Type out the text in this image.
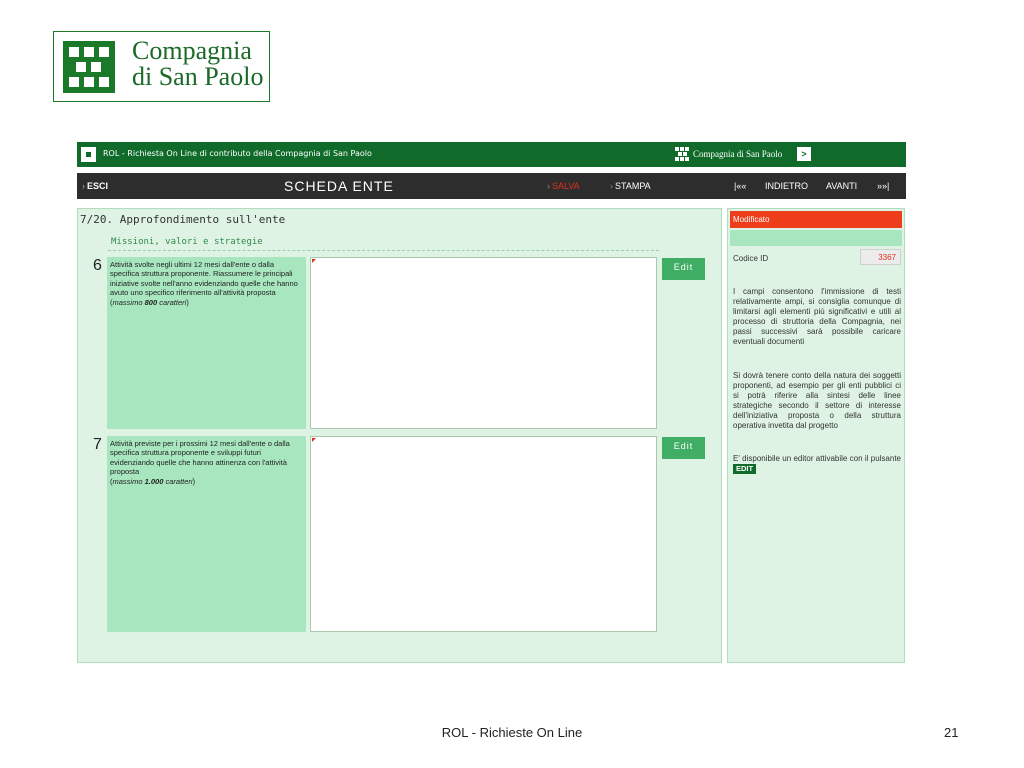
Compagnia
di San Paolo
ROL - Richiesta On Line di contributo della Compagnia di San Paolo	Compagnia di San Paolo	>
› ESCI	SCHEDA ENTE	› SALVA	› STAMPA	|«« INDIETRO AVANTI »»|
7/20. Approfondimento sull'ente
Missioni, valori e strategie
6	Attività svolte negli ultimi 12 mesi dall'ente o dalla specifica struttura proponente. Riassumere le principali iniziative svolte nell'anno evidenziando quelle che hanno avuto uno specifico riferimento all'attività proposta
(massimo 800 caratteri)
Edit
7	Attività previste per i prossimi 12 mesi dall'ente o dalla specifica struttura proponente e sviluppi futuri evidenziando quelle che hanno attinenza con l'attività proposta
(massimo 1.000 caratteri)
Edit
Modificato
Codice ID	3367
I campi consentono l'immissione di testi relativamente ampi, si consiglia comunque di limitarsi agli elementi più significativi e utili al processo di struttoria della Compagnia, nei passi successivi sarà possibile caricare eventuali documenti
Si dovrà tenere conto della natura dei soggetti proponenti, ad esempio per gli enti pubblici ci si potrà riferire alla sintesi delle linee strategiche secondo il settore di interesse dell'iniziativa proposta o della struttura operativa invetita dal progetto
E' disponibile un editor attivabile con il pulsante EDIT
ROL - Richieste On Line	21
